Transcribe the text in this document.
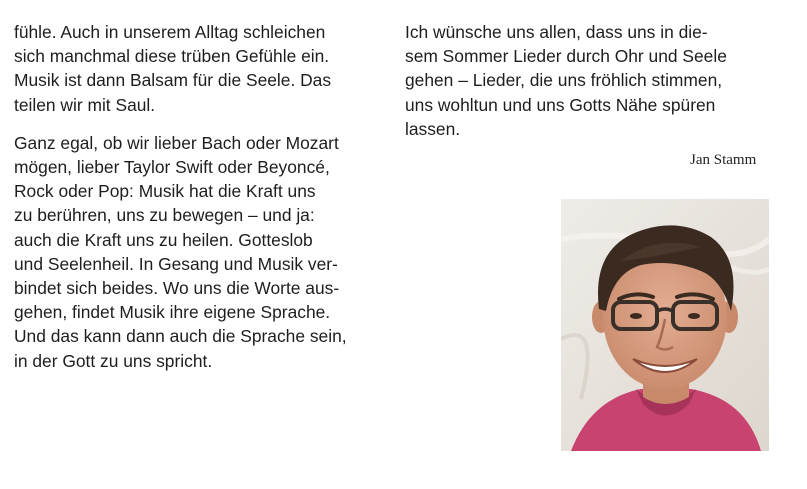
fühle. Auch in unserem Alltag schleichen
sich manchmal diese trüben Gefühle ein.
Musik ist dann Balsam für die Seele. Das
teilen wir mit Saul.

Ganz egal, ob wir lieber Bach oder Mozart
mögen, lieber Taylor Swift oder Beyoncé,
Rock oder Pop: Musik hat die Kraft uns
zu berühren, uns zu bewegen – und ja:
auch die Kraft uns zu heilen. Gotteslob
und Seelenheil. In Gesang und Musik ver-
bindet sich beides. Wo uns die Worte aus-
gehen, findet Musik ihre eigene Sprache.
Und das kann dann auch die Sprache sein,
in der Gott zu uns spricht.

Ich wünsche uns allen, dass uns in die-
sem Sommer Lieder durch Ohr und Seele
gehen – Lieder, die uns fröhlich stimmen,
uns wohltun und uns Gotts Nähe spüren
lassen.

Jan Stamm
